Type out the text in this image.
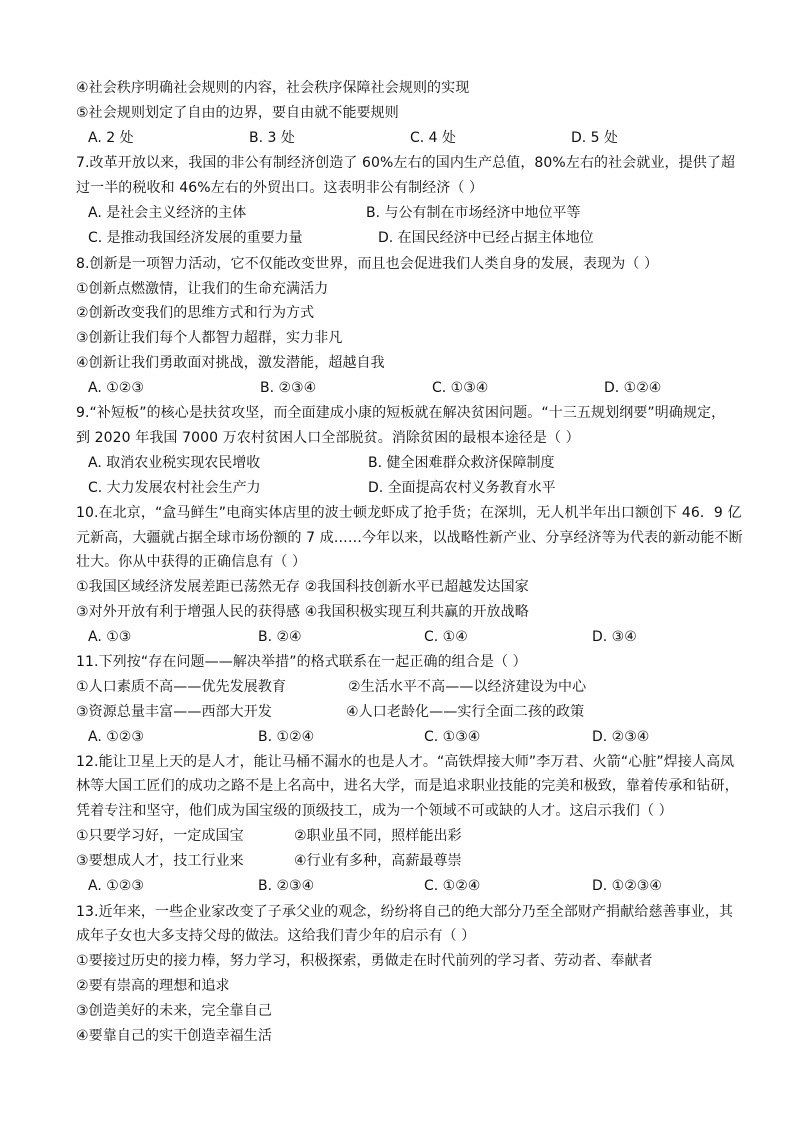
④社会秩序明确社会规则的内容，社会秩序保障社会规则的实现
⑤社会规则划定了自由的边界，要自由就不能要规则
7.改革开放以来，我国的非公有制经济创造了 60%左右的国内生产总值，80%左右的社会就业，提供了超
过一半的税收和 46%左右的外贸出口。这表明非公有制经济（ ）
8.创新是一项智力活动，它不仅能改变世界，而且也会促进我们人类自身的发展，表现为（ ）
①创新点燃激情，让我们的生命充满活力
②创新改变我们的思维方式和行为方式
③创新让我们每个人都智力超群，实力非凡
④创新让我们勇敢面对挑战，激发潜能，超越自我
9.“补短板”的核心是扶贫攻坚，而全面建成小康的短板就在解决贫困问题。“十三五规划纲要”明确规定，
到 2020 年我国 7000 万农村贫困人口全部脱贫。消除贫困的最根本途径是（ ）
10.在北京，“盒马鲜生”电商实体店里的波士顿龙虾成了抢手货；在深圳，无人机半年出口额创下 46．9 亿
元新高，大疆就占据全球市场份额的 7 成……今年以来，以战略性新产业、分享经济等为代表的新动能不断
壮大。你从中获得的正确信息有（ ）
①我国区域经济发展差距已荡然无存 ②我国科技创新水平已超越发达国家
③对外开放有利于增强人民的获得感 ④我国积极实现互利共赢的开放战略
11.下列按“存在问题——解决举措”的格式联系在一起正确的组合是（ ）
①人口素质不高——优先发展教育	②生活水平不高——以经济建设为中心
③资源总量丰富——西部大开发	④人口老龄化——实行全面二孩的政策
12.能让卫星上天的是人才，能让马桶不漏水的也是人才。“高铁焊接大师”李万君、火箭“心脏”焊接人高凤
林等大国工匠们的成功之路不是上名高中，进名大学，而是追求职业技能的完美和极致，靠着传承和钻研，
凭着专注和坚守，他们成为国宝级的顶级技工，成为一个领域不可或缺的人才。这启示我们（ ）
①只要学习好，一定成国宝	②职业虽不同，照样能出彩
③要想成人才，技工行业来	④行业有多种，高薪最尊崇
13.近年来，一些企业家改变了子承父业的观念，纷纷将自己的绝大部分乃至全部财产捐献给慈善事业，其
成年子女也大多支持父母的做法。这给我们青少年的启示有（ ）
①要接过历史的接力棒，努力学习，积极探索，勇做走在时代前列的学习者、劳动者、奉献者
②要有崇高的理想和追求
③创造美好的未来，完全靠自己
④要靠自己的实干创造幸福生活
A. 2 处	B. 3 处	C. 4 处	D. 5 处
A. 是社会主义经济的主体	B. 与公有制在市场经济中地位平等
C. 是推动我国经济发展的重要力量	D. 在国民经济中已经占据主体地位
A. ①②③	B. ②③④	C. ①③④	D. ①②④
A. 取消农业税实现农民增收	B. 健全困难群众救济保障制度
C. 大力发展农村社会生产力	D. 全面提高农村义务教育水平
A. ①③	B. ②④	C. ①④	D. ③④
A. ①②③	B. ①②④	C. ①③④	D. ②③④
A. ①②③	B. ②③④	C. ①②④	D. ①②③④
